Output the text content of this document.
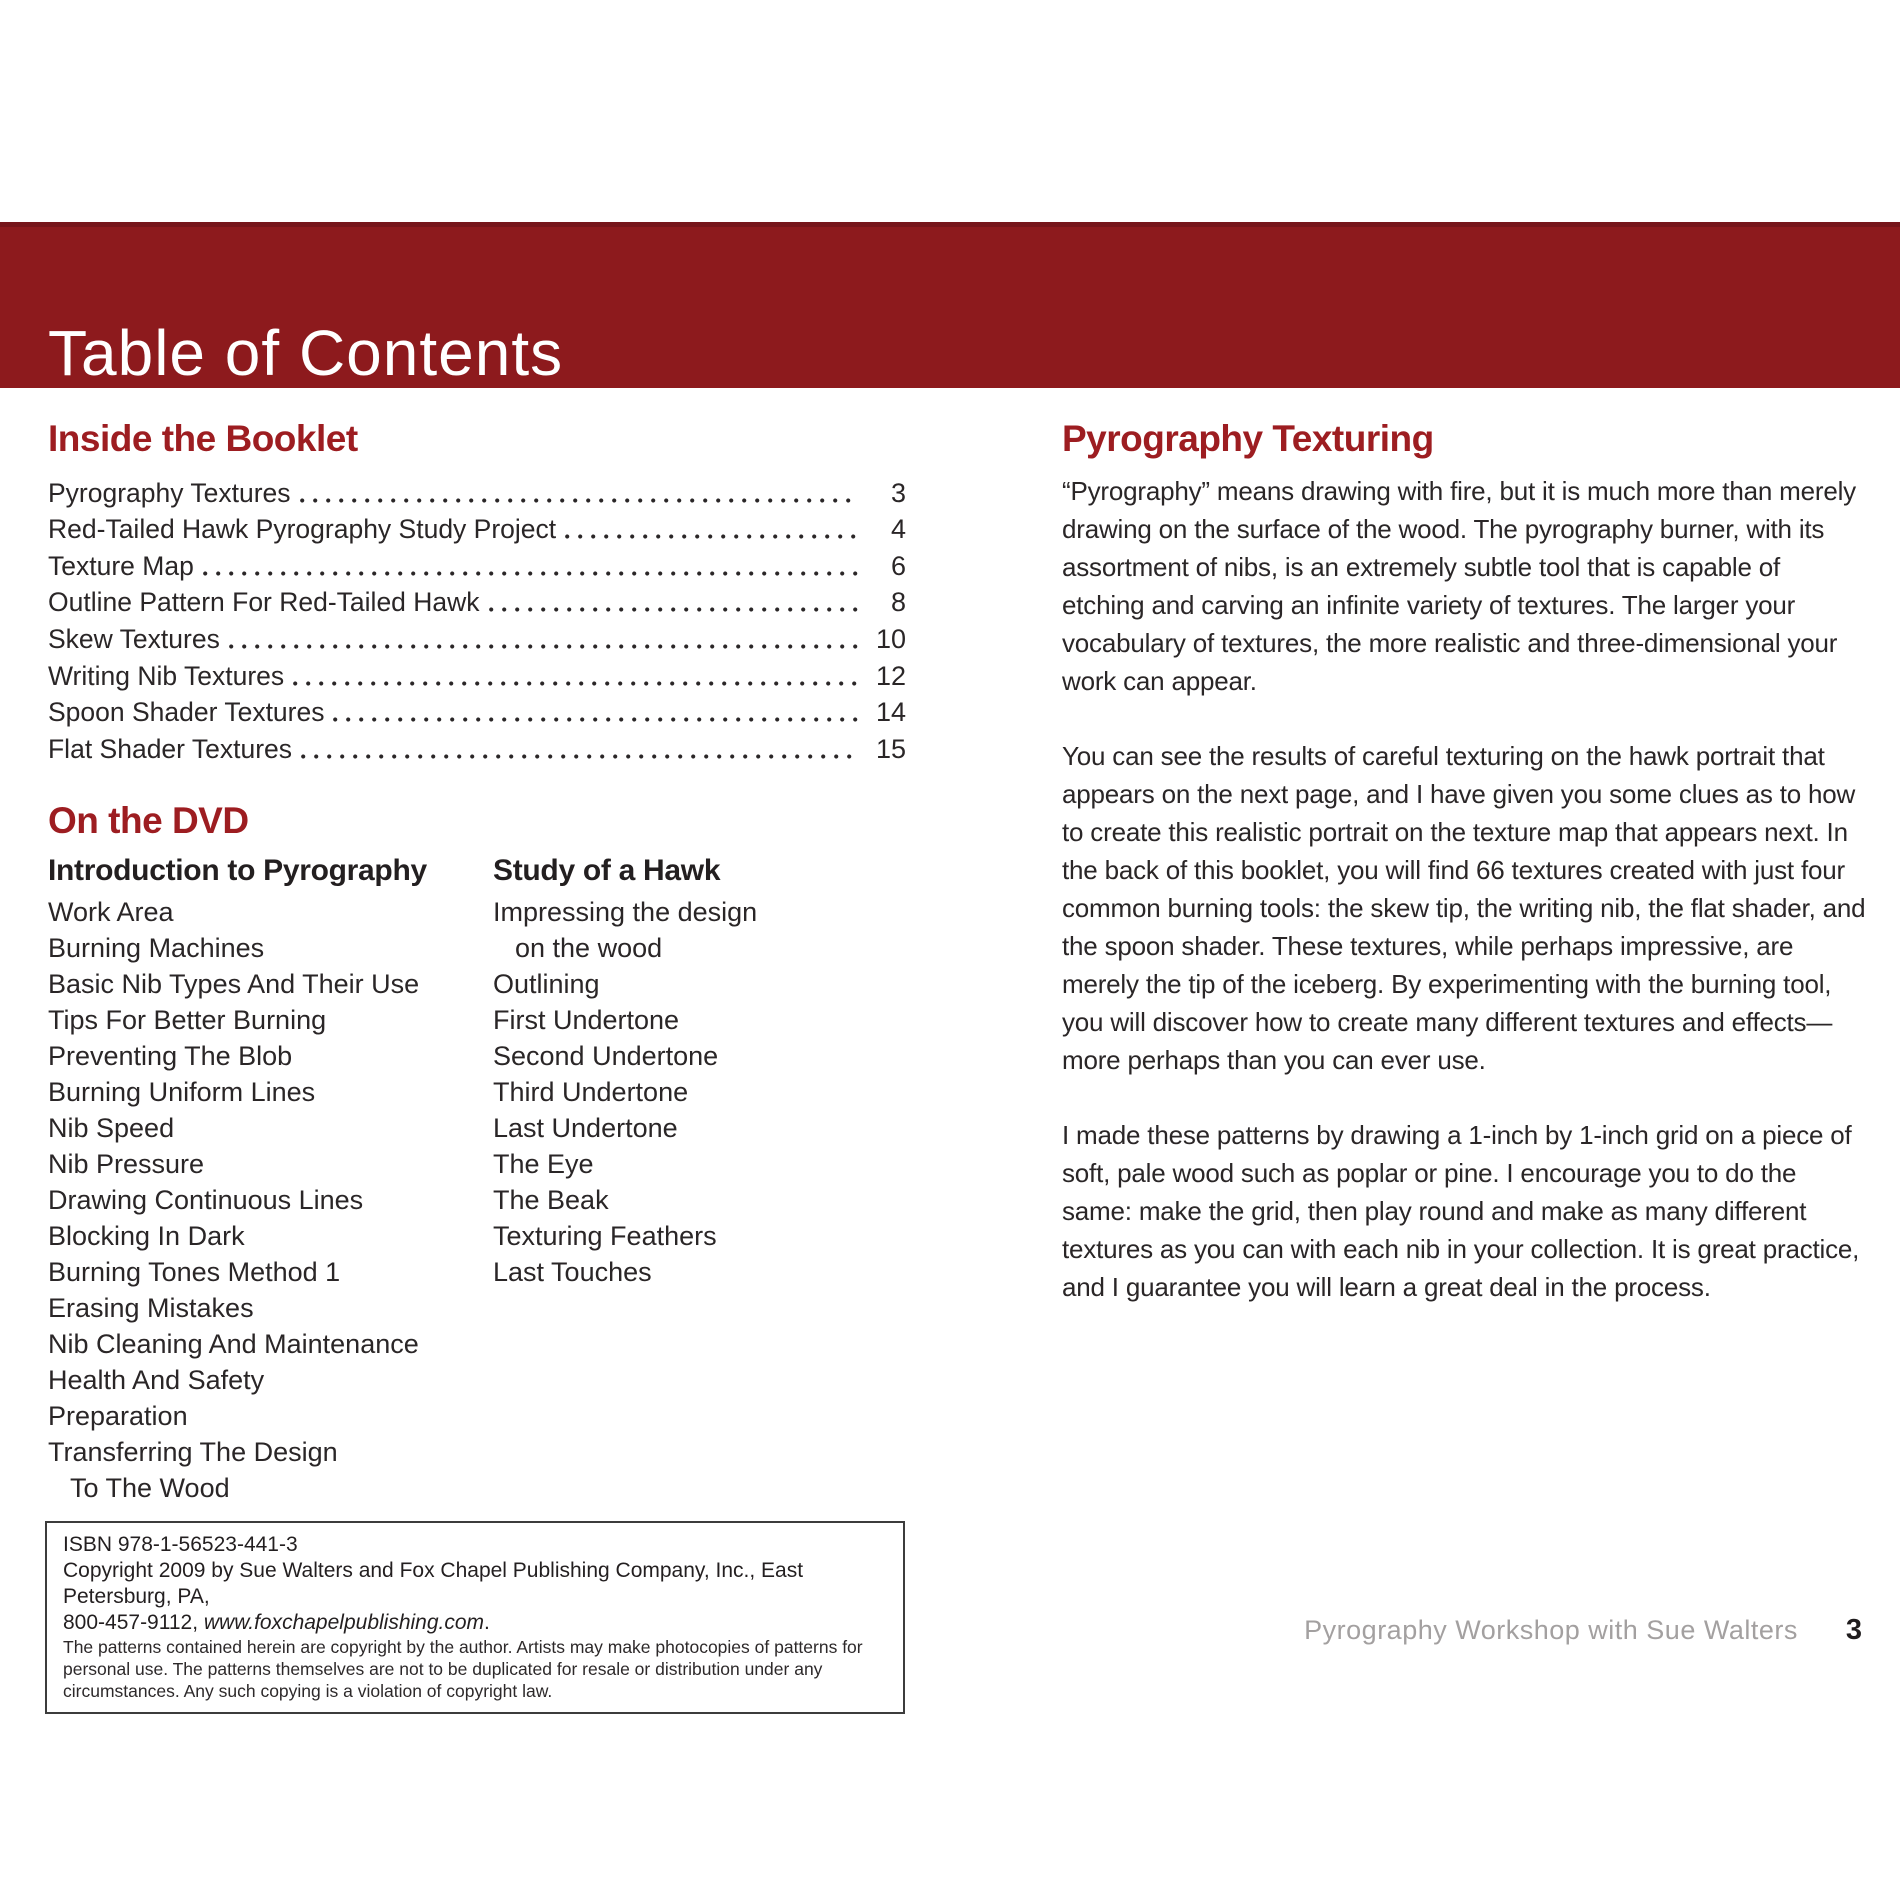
Table of Contents
Inside the Booklet
Pyrography Textures	3
Red-Tailed Hawk Pyrography Study Project	4
Texture Map	6
Outline Pattern For Red-Tailed Hawk	8
Skew Textures	10
Writing Nib Textures	12
Spoon Shader Textures	14
Flat Shader Textures	15
On the DVD
Introduction to Pyrography
Work Area
Burning Machines
Basic Nib Types And Their Use
Tips For Better Burning
Preventing The Blob
Burning Uniform Lines
Nib Speed
Nib Pressure
Drawing Continuous Lines
Blocking In Dark
Burning Tones Method 1
Erasing Mistakes
Nib Cleaning And Maintenance
Health And Safety
Preparation
Transferring The Design
To The Wood
Study of a Hawk
Impressing the design
on the wood
Outlining
First Undertone
Second Undertone
Third Undertone
Last Undertone
The Eye
The Beak
Texturing Feathers
Last Touches
ISBN 978-1-56523-441-3
Copyright 2009 by Sue Walters and Fox Chapel Publishing Company, Inc., East Petersburg, PA,
800-457-9112, www.foxchapelpublishing.com.
The patterns contained herein are copyright by the author. Artists may make photocopies of patterns for personal use. The patterns themselves are not to be duplicated for resale or distribution under any circumstances. Any such copying is a violation of copyright law.
Pyrography Texturing

“Pyrography” means drawing with fire, but it is much more than merely drawing on the surface of the wood. The pyrography burner, with its assortment of nibs, is an extremely subtle tool that is capable of etching and carving an infinite variety of textures. The larger your vocabulary of textures, the more realistic and three-dimensional your work can appear.

You can see the results of careful texturing on the hawk portrait that appears on the next page, and I have given you some clues as to how to create this realistic portrait on the texture map that appears next. In the back of this booklet, you will find 66 textures created with just four common burning tools: the skew tip, the writing nib, the flat shader, and the spoon shader. These textures, while perhaps impressive, are merely the tip of the iceberg. By experimenting with the burning tool, you will discover how to create many different textures and effects—more perhaps than you can ever use.

I made these patterns by drawing a 1-inch by 1-inch grid on a piece of soft, pale wood such as poplar or pine. I encourage you to do the same: make the grid, then play round and make as many different textures as you can with each nib in your collection. It is great practice, and I guarantee you will learn a great deal in the process.

Pyrography Workshop with Sue Walters 3
